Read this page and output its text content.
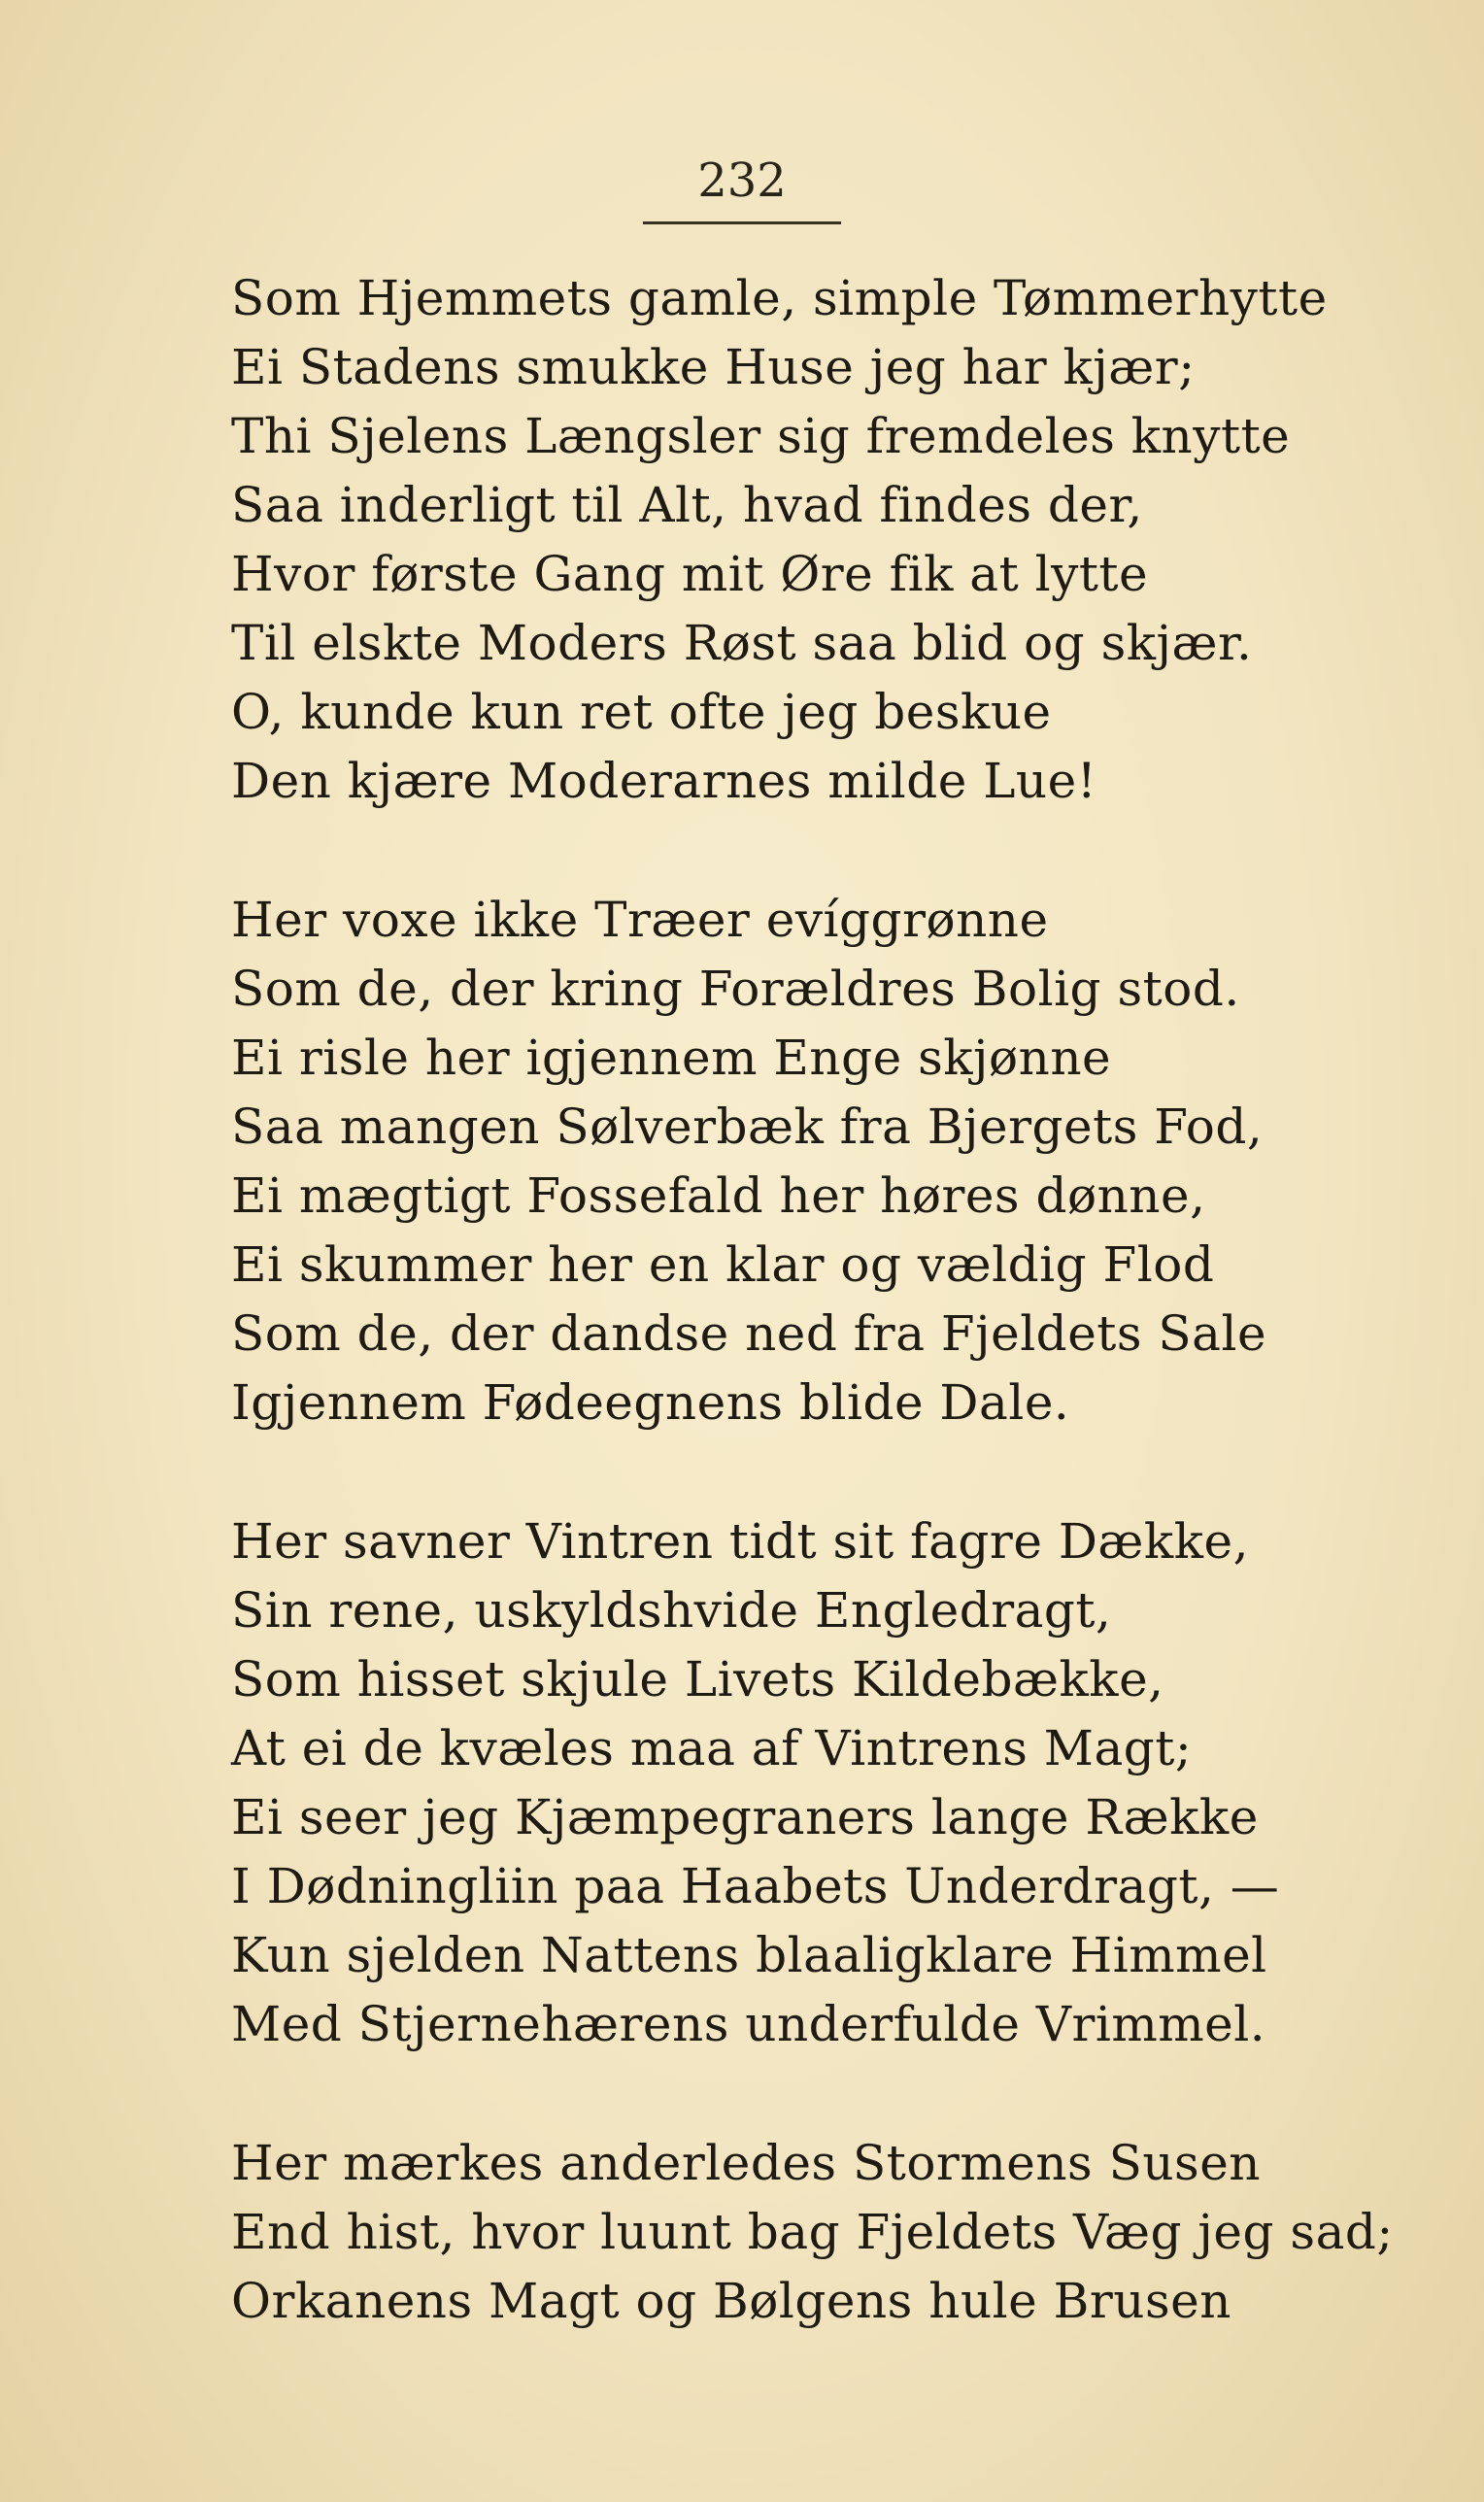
232
Som Hjemmets gamle, simple Tømmerhytte
Ei Stadens smukke Huse jeg har kjær;
Thi Sjelens Længsler sig fremdeles knytte
Saa inderligt til Alt, hvad findes der,
Hvor første Gang mit Øre fik at lytte
Til elskte Moders Røst saa blid og skjær.
O, kunde kun ret ofte jeg beskue
Den kjære Moderarnes milde Lue!
Her voxe ikke Træer evíggrønne
Som de, der kring Forældres Bolig stod.
Ei risle her igjennem Enge skjønne
Saa mangen Sølverbæk fra Bjergets Fod,
Ei mægtigt Fossefald her høres dønne,
Ei skummer her en klar og vældig Flod
Som de, der dandse ned fra Fjeldets Sale
Igjennem Fødeegnens blide Dale.
Her savner Vintren tidt sit fagre Dække,
Sin rene, uskyldshvide Engledragt,
Som hisset skjule Livets Kildebække,
At ei de kvæles maa af Vintrens Magt;
Ei seer jeg Kjæmpegraners lange Række
I Dødningliin paa Haabets Underdragt, —
Kun sjelden Nattens blaaligklare Himmel
Med Stjernehærens underfulde Vrimmel.
Her mærkes anderledes Stormens Susen
End hist, hvor luunt bag Fjeldets Væg jeg sad;
Orkanens Magt og Bølgens hule Brusen
